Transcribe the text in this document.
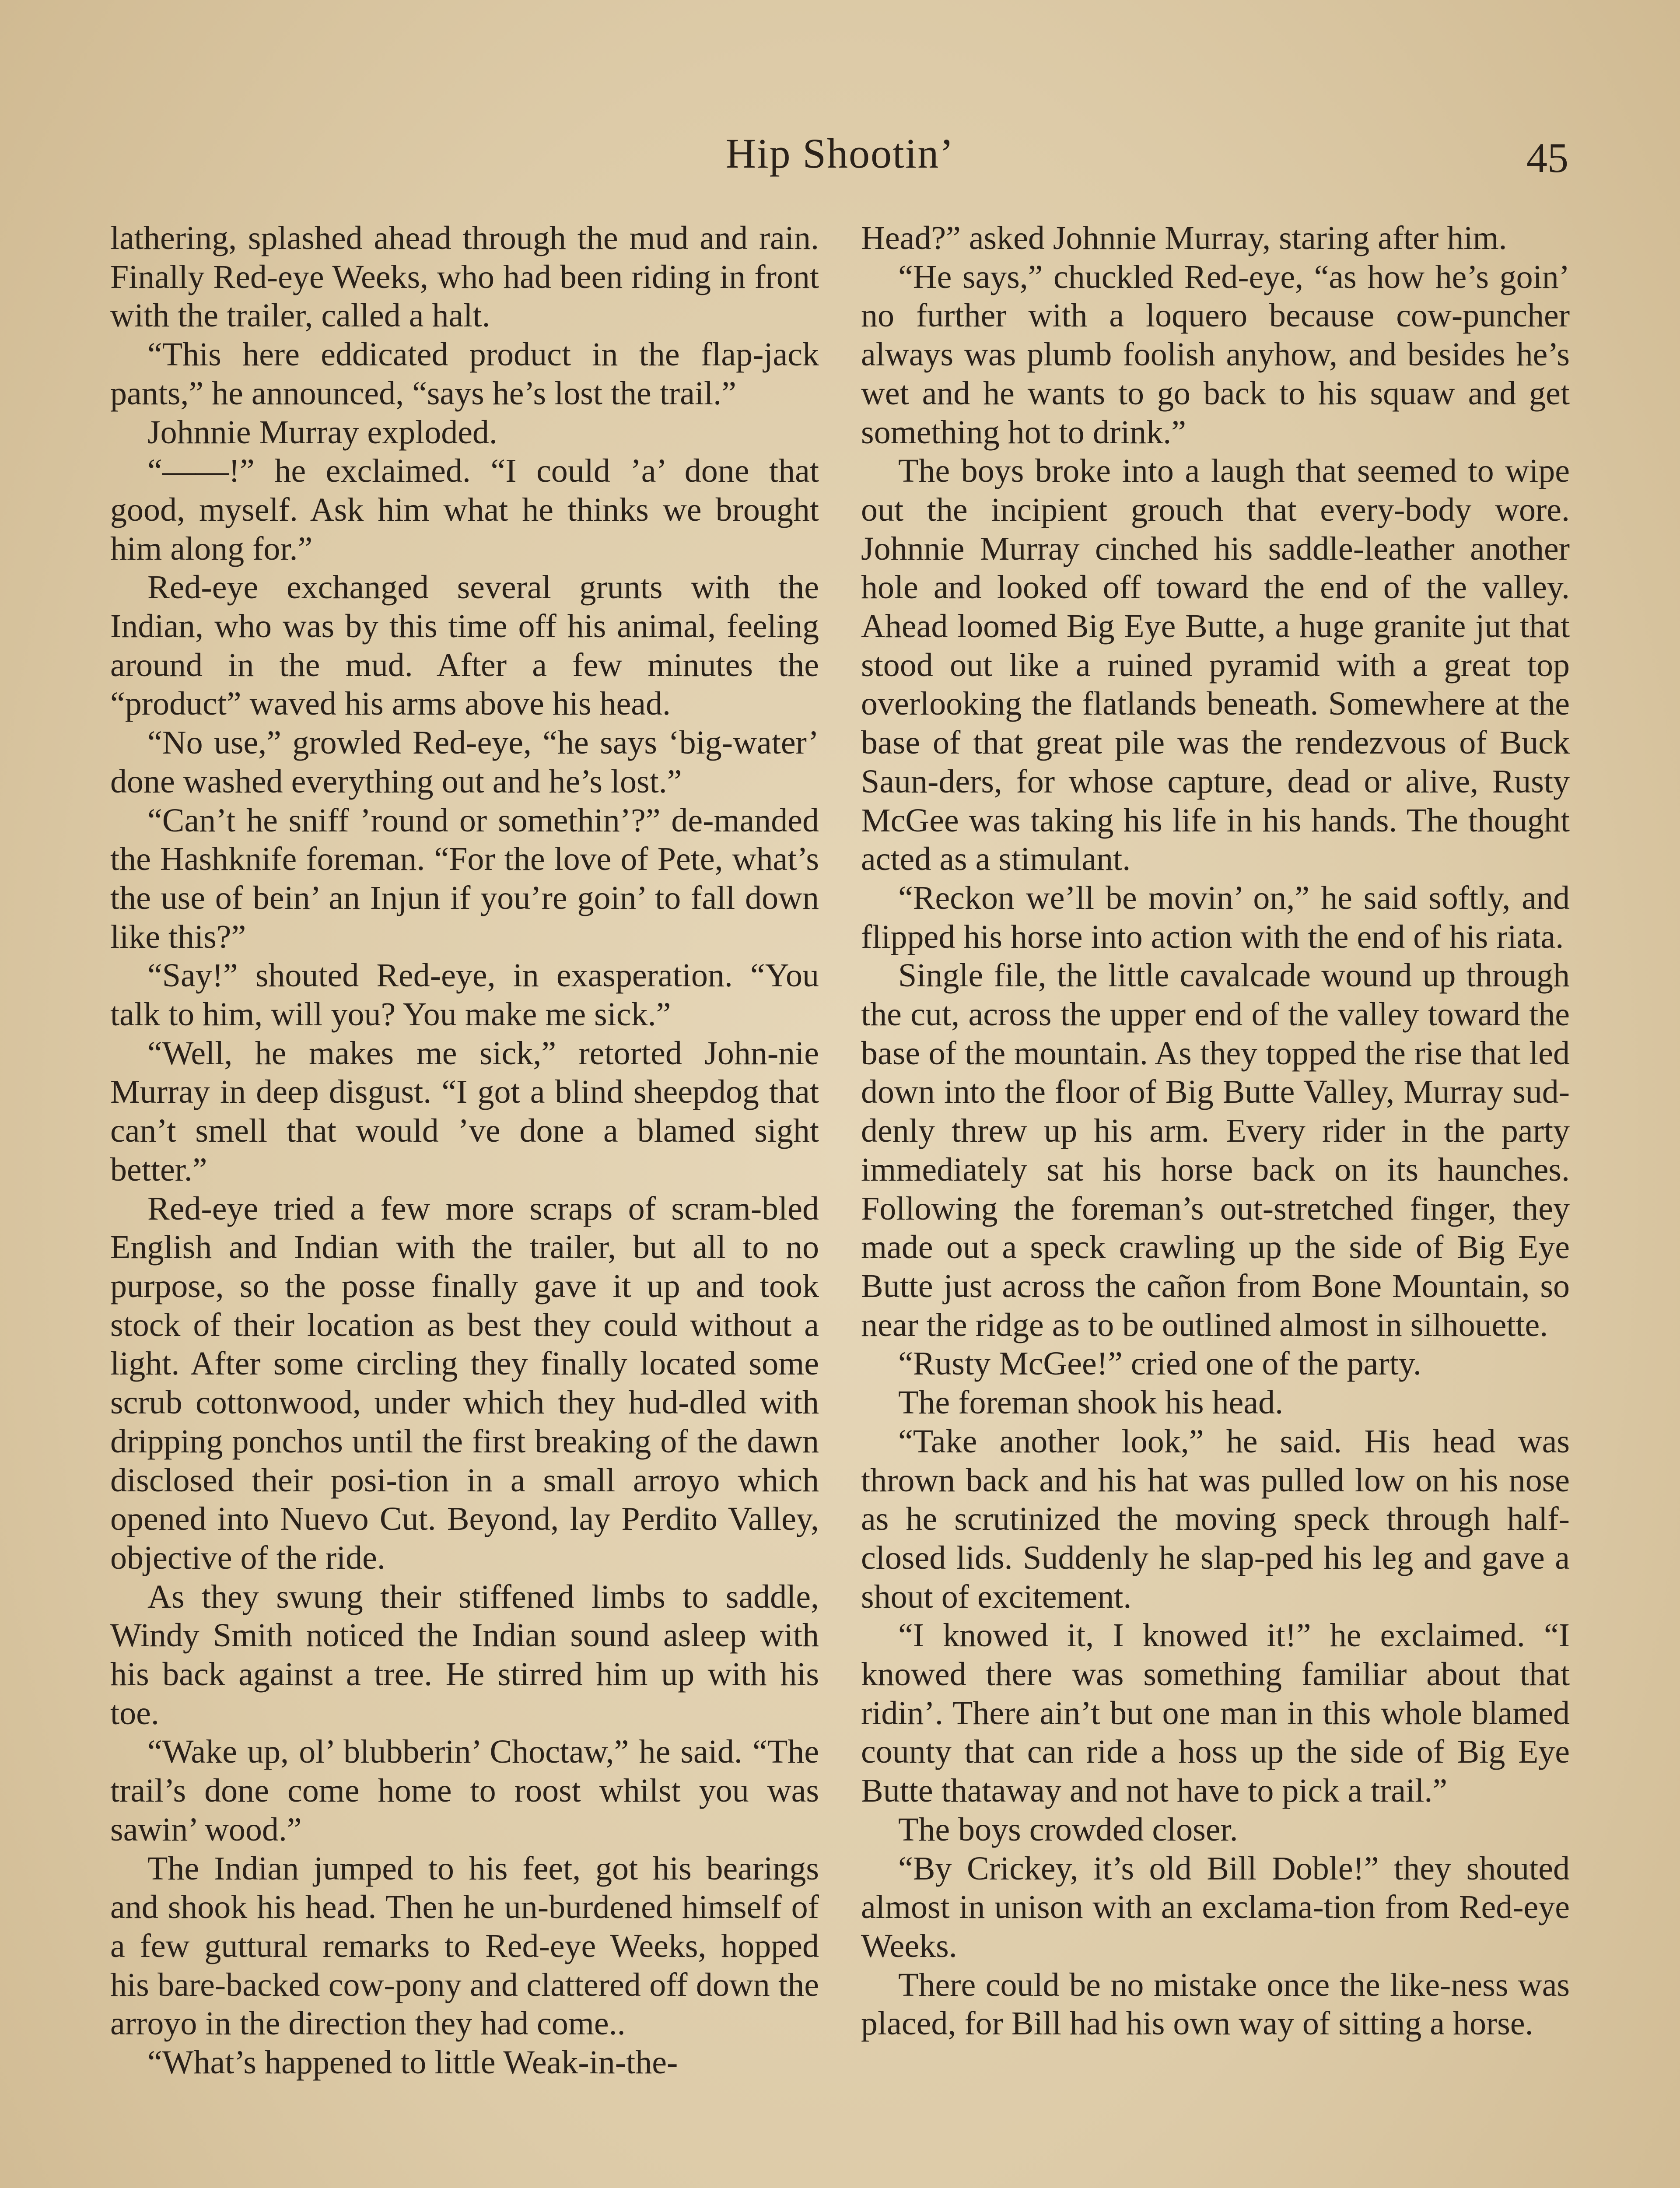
Hip Shootin’	45

lathering, splashed ahead through the mud and rain. Finally Red-eye Weeks, who had been riding in front with the trailer, called a halt.

“This here eddicated product in the flap-jack pants,” he announced, “says he’s lost the trail.”

Johnnie Murray exploded.

“——!” he exclaimed. “I could ’a’ done that good, myself. Ask him what he thinks we brought him along for.”

Red-eye exchanged several grunts with the Indian, who was by this time off his animal, feeling around in the mud. After a few minutes the “product” waved his arms above his head.

“No use,” growled Red-eye, “he says ‘big-water’ done washed everything out and he’s lost.”

“Can’t he sniff ’round or somethin’?” de-manded the Hashknife foreman. “For the love of Pete, what’s the use of bein’ an Injun if you’re goin’ to fall down like this?”

“Say!” shouted Red-eye, in exasperation. “You talk to him, will you? You make me sick.”

“Well, he makes me sick,” retorted John-nie Murray in deep disgust. “I got a blind sheepdog that can’t smell that would ’ve done a blamed sight better.”

Red-eye tried a few more scraps of scram-bled English and Indian with the trailer, but all to no purpose, so the posse finally gave it up and took stock of their location as best they could without a light. After some circling they finally located some scrub cottonwood, under which they hud-dled with dripping ponchos until the first breaking of the dawn disclosed their posi-tion in a small arroyo which opened into Nuevo Cut. Beyond, lay Perdito Valley, objective of the ride.

As they swung their stiffened limbs to saddle, Windy Smith noticed the Indian sound asleep with his back against a tree. He stirred him up with his toe.

“Wake up, ol’ blubberin’ Choctaw,” he said. “The trail’s done come home to roost whilst you was sawin’ wood.”

The Indian jumped to his feet, got his bearings and shook his head. Then he un-burdened himself of a few guttural remarks to Red-eye Weeks, hopped his bare-backed cow-pony and clattered off down the arroyo in the direction they had come..

“What’s happened to little Weak-in-the-

Head?” asked Johnnie Murray, staring after him.

“He says,” chuckled Red-eye, “as how he’s goin’ no further with a loquero because cow-puncher always was plumb foolish anyhow, and besides he’s wet and he wants to go back to his squaw and get something hot to drink.”

The boys broke into a laugh that seemed to wipe out the incipient grouch that every-body wore. Johnnie Murray cinched his saddle-leather another hole and looked off toward the end of the valley. Ahead loomed Big Eye Butte, a huge granite jut that stood out like a ruined pyramid with a great top overlooking the flatlands beneath. Somewhere at the base of that great pile was the rendezvous of Buck Saun-ders, for whose capture, dead or alive, Rusty McGee was taking his life in his hands. The thought acted as a stimulant.

“Reckon we’ll be movin’ on,” he said softly, and flipped his horse into action with the end of his riata.

Single file, the little cavalcade wound up through the cut, across the upper end of the valley toward the base of the mountain. As they topped the rise that led down into the floor of Big Butte Valley, Murray sud-denly threw up his arm. Every rider in the party immediately sat his horse back on its haunches. Following the foreman’s out-stretched finger, they made out a speck crawling up the side of Big Eye Butte just across the cañon from Bone Mountain, so near the ridge as to be outlined almost in silhouette.

“Rusty McGee!” cried one of the party.

The foreman shook his head.

“Take another look,” he said. His head was thrown back and his hat was pulled low on his nose as he scrutinized the moving speck through half-closed lids. Suddenly he slap-ped his leg and gave a shout of excitement.

“I knowed it, I knowed it!” he exclaimed. “I knowed there was something familiar about that ridin’. There ain’t but one man in this whole blamed county that can ride a hoss up the side of Big Eye Butte thataway and not have to pick a trail.”

The boys crowded closer.

“By Crickey, it’s old Bill Doble!” they shouted almost in unison with an exclama-tion from Red-eye Weeks.

There could be no mistake once the like-ness was placed, for Bill had his own way of sitting a horse.
